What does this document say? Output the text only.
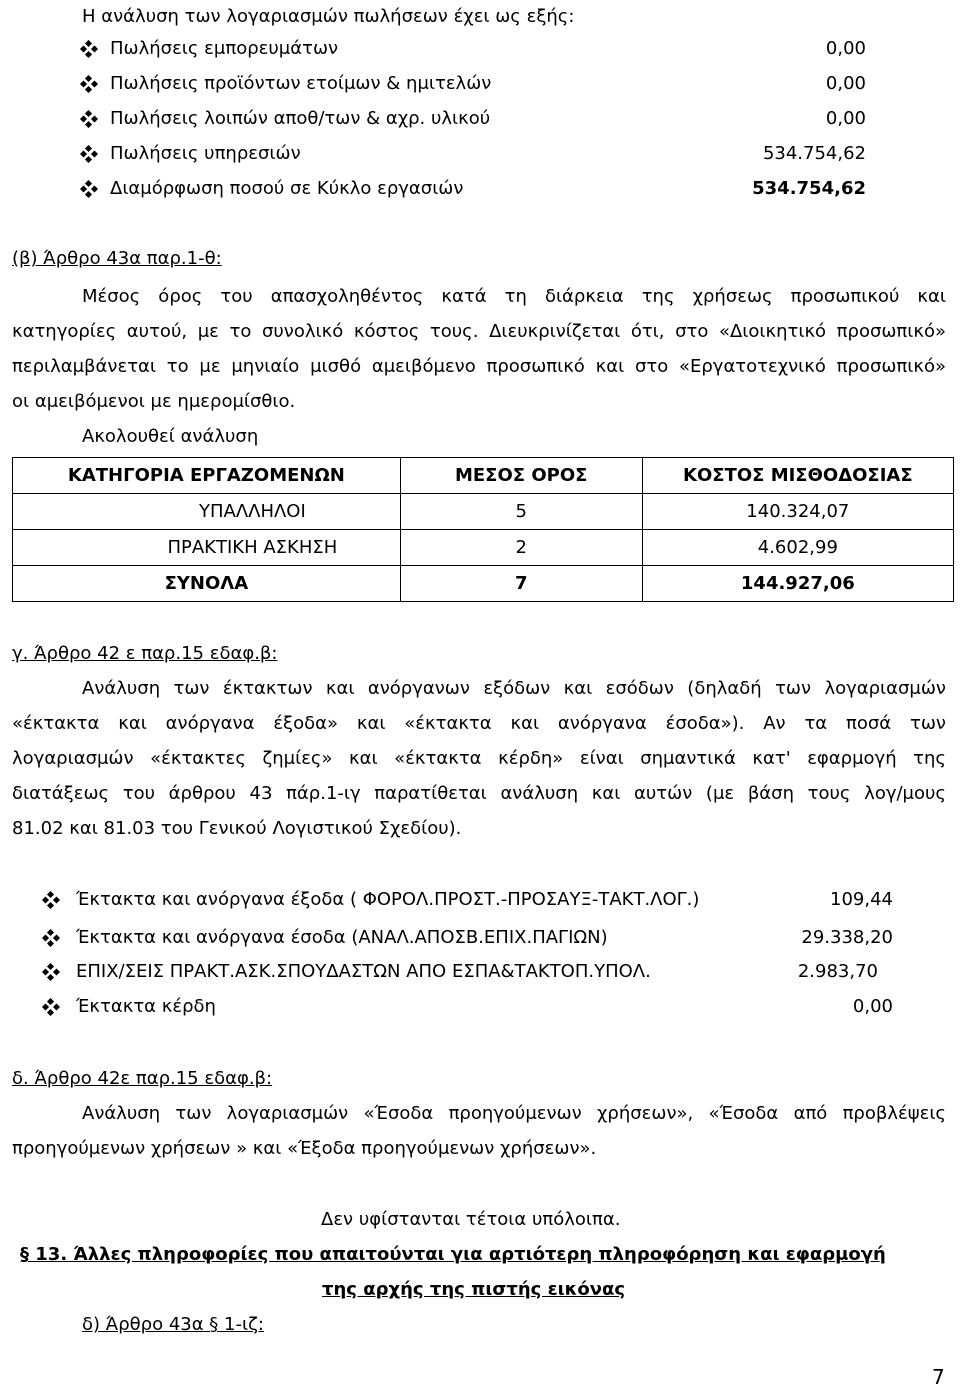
Η ανάλυση των λογαριασμών πωλήσεων έχει ως εξής:
Πωλήσεις εμπορευμάτων	0,00
Πωλήσεις προϊόντων ετοίμων & ημιτελών	0,00
Πωλήσεις λοιπών αποθ/των & αχρ. υλικού	0,00
Πωλήσεις υπηρεσιών	534.754,62
Διαμόρφωση ποσού σε Κύκλο εργασιών	534.754,62
(β) Άρθρο 43α παρ.1-θ:
Μέσος όρος του απασχοληθέντος κατά τη διάρκεια της χρήσεως προσωπικού και
κατηγορίες αυτού, με το συνολικό κόστος τους. Διευκρινίζεται ότι, στο «Διοικητικό προσωπικό»
περιλαμβάνεται το με μηνιαίο μισθό αμειβόμενο προσωπικό και στο «Εργατοτεχνικό προσωπικό»
οι αμειβόμενοι με ημερομίσθιο.
Ακολουθεί ανάλυση
ΚΑΤΗΓΟΡΙΑ ΕΡΓΑΖΟΜΕΝΩΝ	ΜΕΣΟΣ ΟΡΟΣ	ΚΟΣΤΟΣ ΜΙΣΘΟΔΟΣΙΑΣ
ΥΠΑΛΛΗΛΟΙ	5	140.324,07
ΠΡΑΚΤΙΚΗ ΑΣΚΗΣΗ	2	4.602,99
ΣΥΝΟΛΑ	7	144.927,06
γ. Άρθρο 42 ε παρ.15 εδαφ.β:
Ανάλυση των έκτακτων και ανόργανων εξόδων και εσόδων (δηλαδή των λογαριασμών
«έκτακτα και ανόργανα έξοδα» και «έκτακτα και ανόργανα έσοδα»). Αν τα ποσά των
λογαριασμών «έκτακτες ζημίες» και «έκτακτα κέρδη» είναι σημαντικά κατ' εφαρμογή της
διατάξεως του άρθρου 43 πάρ.1-ιγ παρατίθεται ανάλυση και αυτών (με βάση τους λογ/μους
81.02 και 81.03 του Γενικού Λογιστικού Σχεδίου).
Έκτακτα και ανόργανα έξοδα ( ΦΟΡΟΛ.ΠΡΟΣΤ.-ΠΡΟΣΑΥΞ-ΤΑΚΤ.ΛΟΓ.)	109,44
Έκτακτα και ανόργανα έσοδα (ΑΝΑΛ.ΑΠΟΣΒ.ΕΠΙΧ.ΠΑΓΙΩΝ)	29.338,20
ΕΠΙΧ/ΣΕΙΣ ΠΡΑΚΤ.ΑΣΚ.ΣΠΟΥΔΑΣΤΩΝ ΑΠΟ ΕΣΠΑ&ΤΑΚΤΟΠ.ΥΠΟΛ.	2.983,70
Έκτακτα κέρδη	0,00
δ. Άρθρο 42ε παρ.15 εδαφ.β:
Ανάλυση των λογαριασμών «Έσοδα προηγούμενων χρήσεων», «Έσοδα από προβλέψεις
προηγούμενων χρήσεων » και «Έξοδα προηγούμενων χρήσεων».
Δεν υφίστανται τέτοια υπόλοιπα.
§ 13. Άλλες πληροφορίες που απαιτούνται για αρτιότερη πληροφόρηση και εφαρμογή
της αρχής της πιστής εικόνας
δ) Άρθρο 43α § 1-ιζ:
7
